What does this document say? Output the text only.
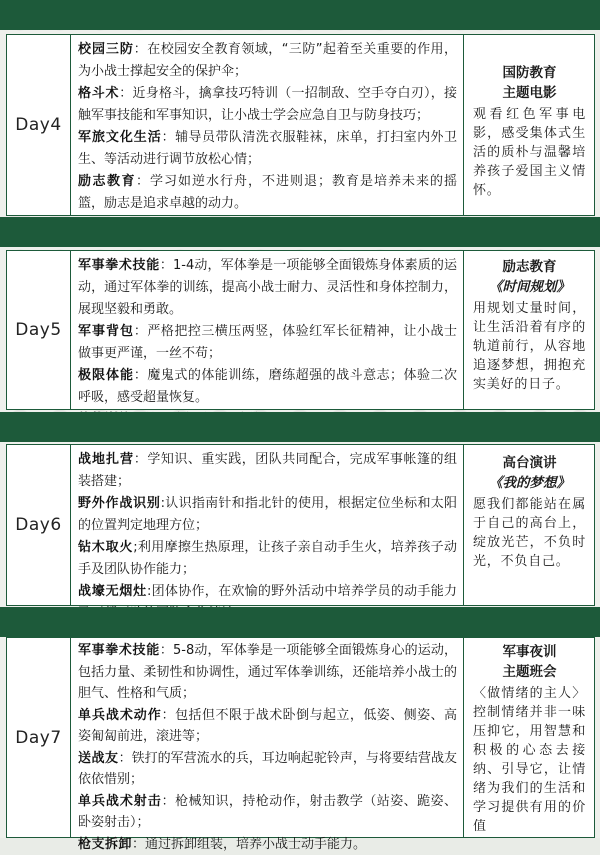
Day4

校园三防：在校园安全教育领域，“三防”起着至关重要的作用，为小战士撑起安全的保护伞；

格斗术：近身格斗，擒拿技巧特训（一招制敌、空手夺白刃），接触军事技能和军事知识，让小战士学会应急自卫与防身技巧；

军旅文化生活：辅导员带队清洗衣服鞋袜，床单，打扫室内外卫生、等活动进行调节放松心情；

励志教育：学习如逆水行舟，不进则退；教育是培养未来的摇篮，励志是追求卓越的动力。

国防教育
主题电影
观看红色军事电影，感受集体式生活的质朴与温馨培养孩子爱国主义情怀。
Day5

军事拳术技能：1-4动，军体拳是一项能够全面锻炼身体素质的运动，通过军体拳的训练，提高小战士耐力、灵活性和身体控制力，展现坚毅和勇敢。

军事背包：严格把控三横压两竖，体验红军长征精神，让小战士做事更严谨，一丝不苟；

极限体能：魔鬼式的体能训练，磨练超强的战斗意志；体验二次呼吸，感受超量恢复。

励志教育
《时间规划》
用规划丈量时间，让生活沿着有序的轨道前行，从容地追逐梦想，拥抱充实美好的日子。
Day6

战地扎营：学知识、重实践，团队共同配合，完成军事帐篷的组装搭建；

野外作战识别:认识指南针和指北针的使用，根据定位坐标和太阳的位置判定地理方位；

钻木取火;利用摩擦生热原理，让孩子亲自动手生火，培养孩子动手及团队协作能力；

战壕无烟灶:团体协作，在欢愉的野外活动中培养学员的动手能力

高台演讲
《我的梦想》
愿我们都能站在属于自己的高台上，绽放光芒，不负时光，不负自己。
Day7

军事拳术技能：5-8动，军体拳是一项能够全面锻炼身心的运动，包括力量、柔韧性和协调性，通过军体拳训练，还能培养小战士的胆气、性格和气质；

单兵战术动作：包括但不限于战术卧倒与起立，低姿、侧姿、高姿匍匐前进，滚进等；

送战友：铁打的军营流水的兵，耳边响起驼铃声，与将要结营战友依依惜别；

单兵战术射击：枪械知识，持枪动作，射击教学（站姿、跪姿、卧姿射击）；

枪支拆卸：通过拆卸组装，培养小战士动手能力。

军事夜训
主题班会
〈做情绪的主人〉控制情绪并非一味压抑它，用智慧和积极的心态去接纳、引导它，让情绪为我们的生活和学习提供有用的价值
